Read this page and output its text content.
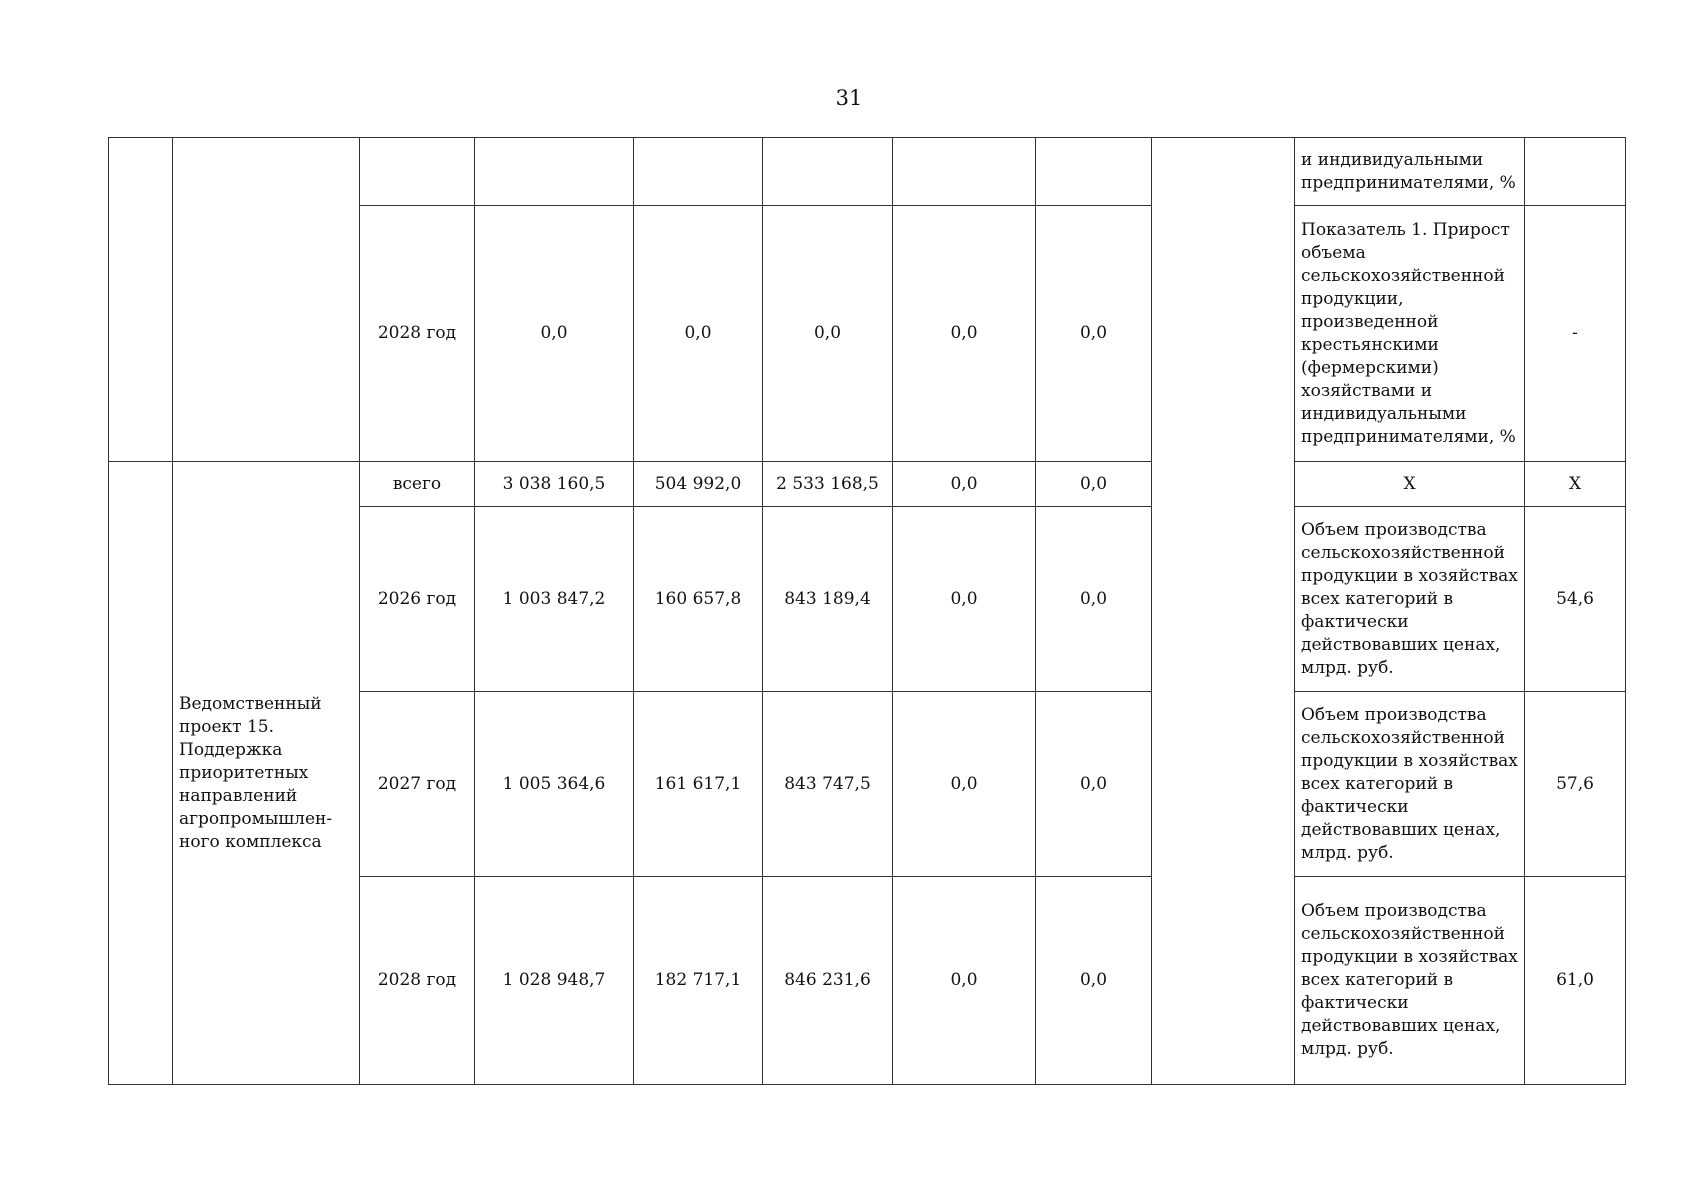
31
									и индивидуальными предпринимателями, %	
		2028 год	0,0	0,0	0,0	0,0	0,0		Показатель 1. Прирост объема сельскохозяйственной продукции, произведенной крестьянскими (фермерскими) хозяйствами и индивидуальными предпринимателями, %	-
	Ведомственный проект 15. Поддержка приоритетных направлений агропромышлен-ного комплекса	всего	3 038 160,5	504 992,0	2 533 168,5	0,0	0,0		X	X
		2026 год	1 003 847,2	160 657,8	843 189,4	0,0	0,0		Объем производства сельскохозяйственной продукции в хозяйствах всех категорий в фактически действовавших ценах, млрд. руб.	54,6
		2027 год	1 005 364,6	161 617,1	843 747,5	0,0	0,0		Объем производства сельскохозяйственной продукции в хозяйствах всех категорий в фактически действовавших ценах, млрд. руб.	57,6
		2028 год	1 028 948,7	182 717,1	846 231,6	0,0	0,0		Объем производства сельскохозяйственной продукции в хозяйствах всех категорий в фактически действовавших ценах, млрд. руб.	61,0
